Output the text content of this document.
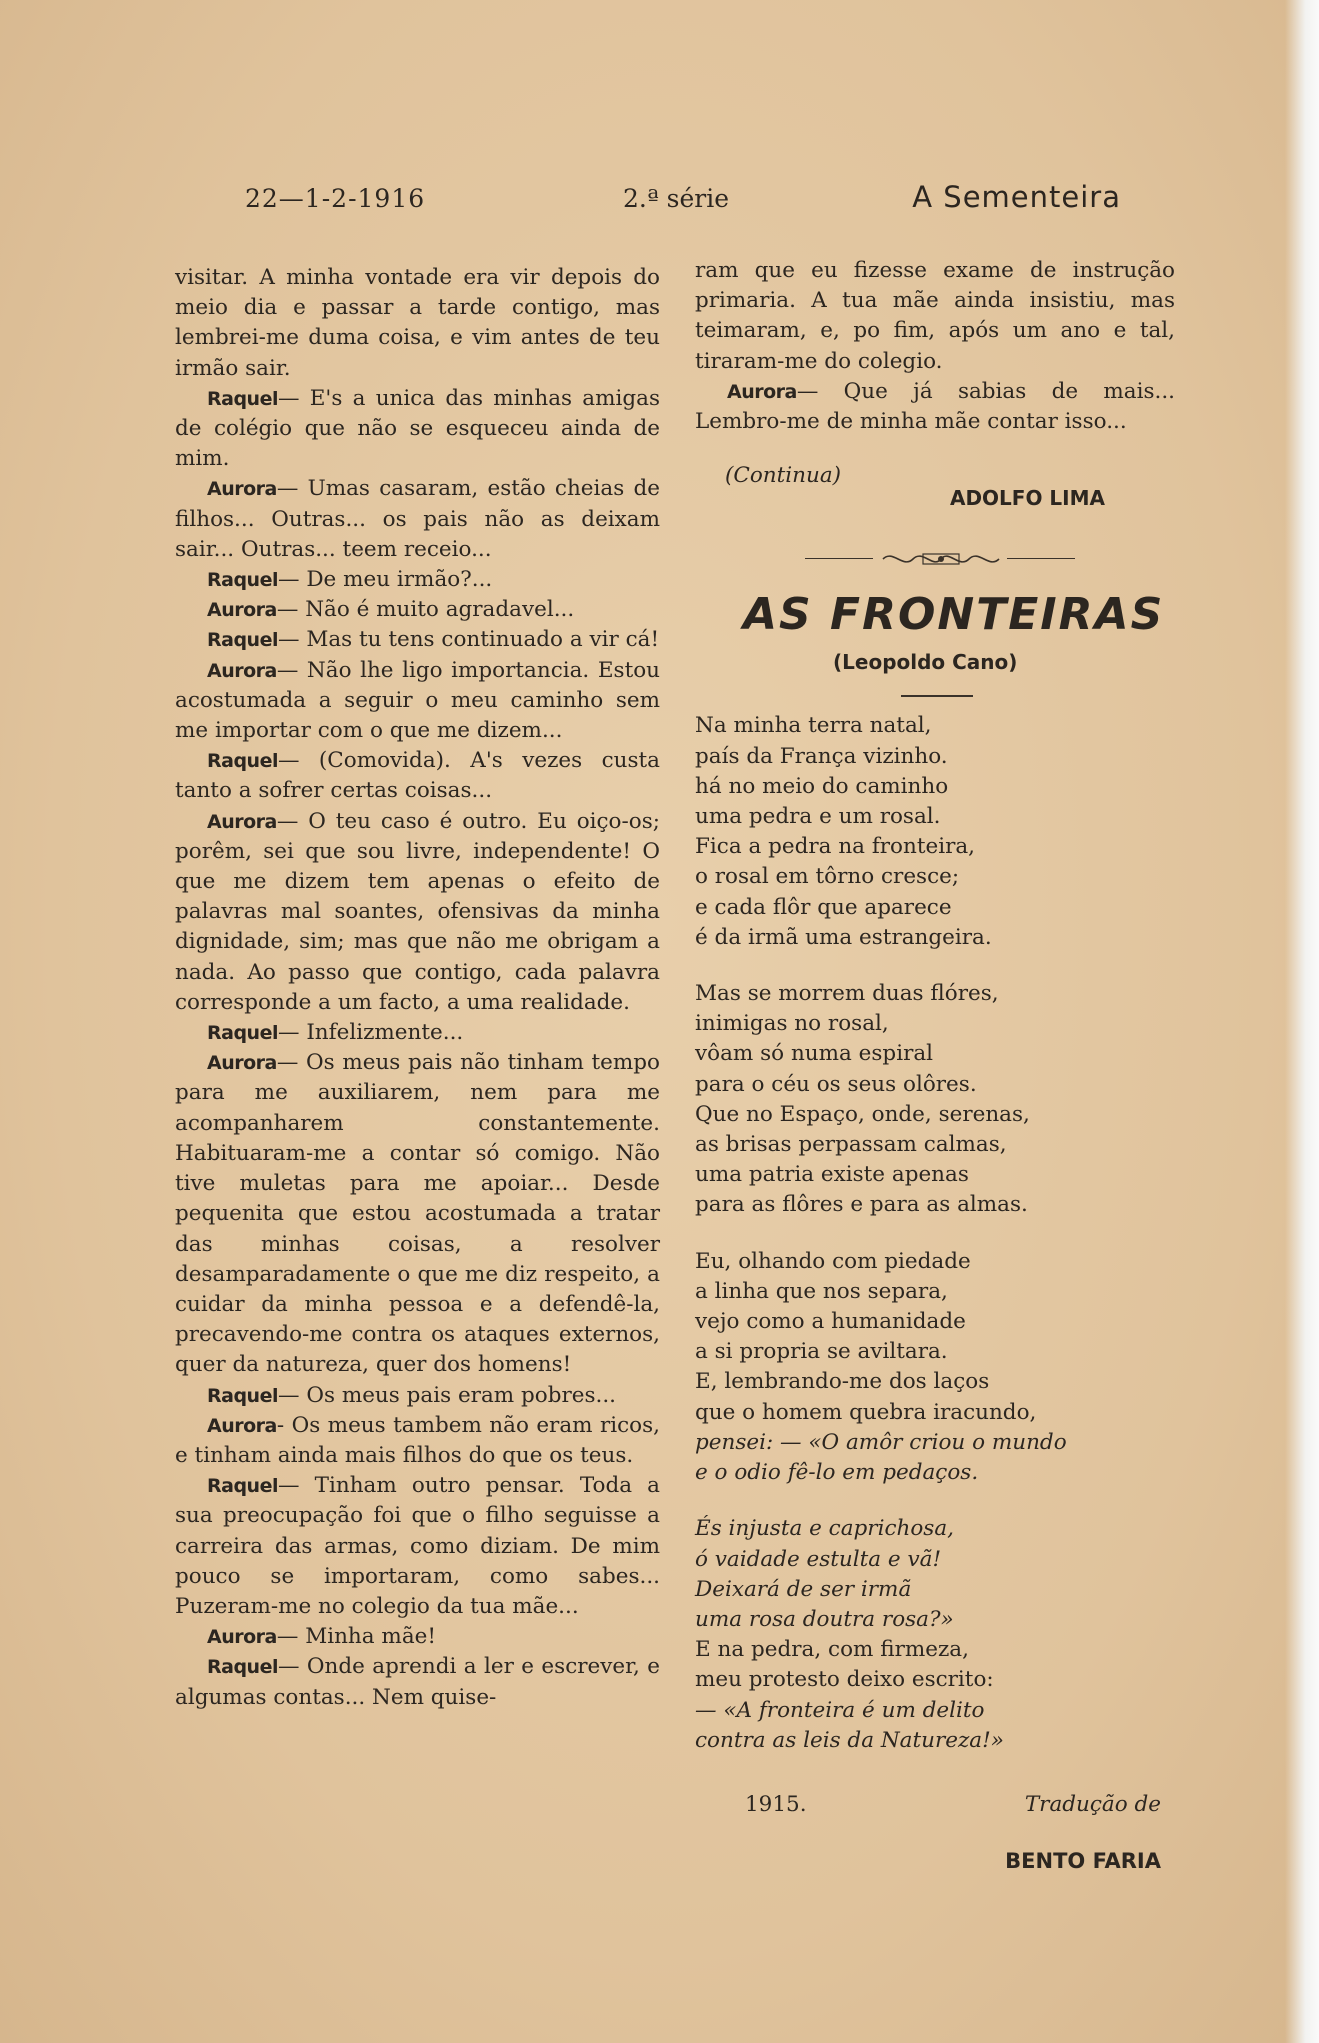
22—1-2-1916	2.ª série	A Sementeira

visitar. A minha vontade era vir depois do meio dia e passar a tarde contigo, mas lembrei-me duma coisa, e vim antes de teu irmão sair.

Raquel— E's a unica das minhas amigas de colégio que não se esqueceu ainda de mim.

Aurora— Umas casaram, estão cheias de filhos... Outras... os pais não as deixam sair... Outras... teem receio...

Raquel— De meu irmão?...

Aurora— Não é muito agradavel...

Raquel— Mas tu tens continuado a vir cá!

Aurora— Não lhe ligo importancia. Estou acostumada a seguir o meu caminho sem me importar com o que me dizem...

Raquel— (Comovida). A's vezes custa tanto a sofrer certas coisas...

Aurora— O teu caso é outro. Eu oiço-os; porêm, sei que sou livre, independente! O que me dizem tem apenas o efeito de palavras mal soantes, ofensivas da minha dignidade, sim; mas que não me obrigam a nada. Ao passo que contigo, cada palavra corresponde a um facto, a uma realidade.

Raquel— Infelizmente...

Aurora— Os meus pais não tinham tempo para me auxiliarem, nem para me acompanharem constantemente. Habituaram-me a contar só comigo. Não tive muletas para me apoiar... Desde pequenita que estou acostumada a tratar das minhas coisas, a resolver desamparadamente o que me diz respeito, a cuidar da minha pessoa e a defendê-la, precavendo-me contra os ataques externos, quer da natureza, quer dos homens!

Raquel— Os meus pais eram pobres...

Aurora- Os meus tambem não eram ricos, e tinham ainda mais filhos do que os teus.

Raquel— Tinham outro pensar. Toda a sua preocupação foi que o filho seguisse a carreira das armas, como diziam. De mim pouco se importaram, como sabes... Puzeram-me no colegio da tua mãe...

Aurora— Minha mãe!

Raquel— Onde aprendi a ler e escrever, e algumas contas... Nem quise-

ram que eu fizesse exame de instrução primaria. A tua mãe ainda insistiu, mas teimaram, e, po fim, após um ano e tal, tiraram-me do colegio.

Aurora— Que já sabias de mais... Lembro-me de minha mãe contar isso...

(Continua)
ADOLFO LIMA
AS FRONTEIRAS
(Leopoldo Cano)
Na minha terra natal,
país da França vizinho.
há no meio do caminho
uma pedra e um rosal.
Fica a pedra na fronteira,
o rosal em tôrno cresce;
e cada flôr que aparece
é da irmã uma estrangeira.
Mas se morrem duas flóres,
inimigas no rosal,
vôam só numa espiral
para o céu os seus olôres.
Que no Espaço, onde, serenas,
as brisas perpassam calmas,
uma patria existe apenas
para as flôres e para as almas.
Eu, olhando com piedade
a linha que nos separa,
vejo como a humanidade
a si propria se aviltara.
E, lembrando-me dos laços
que o homem quebra iracundo,
pensei: — «O amôr criou o mundo
e o odio fê-lo em pedaços.
És injusta e caprichosa,
ó vaidade estulta e vã!
Deixará de ser irmã
uma rosa doutra rosa?»
E na pedra, com firmeza,
meu protesto deixo escrito:
— «A fronteira é um delito
contra as leis da Natureza!»
1915.	Tradução de
BENTO FARIA
